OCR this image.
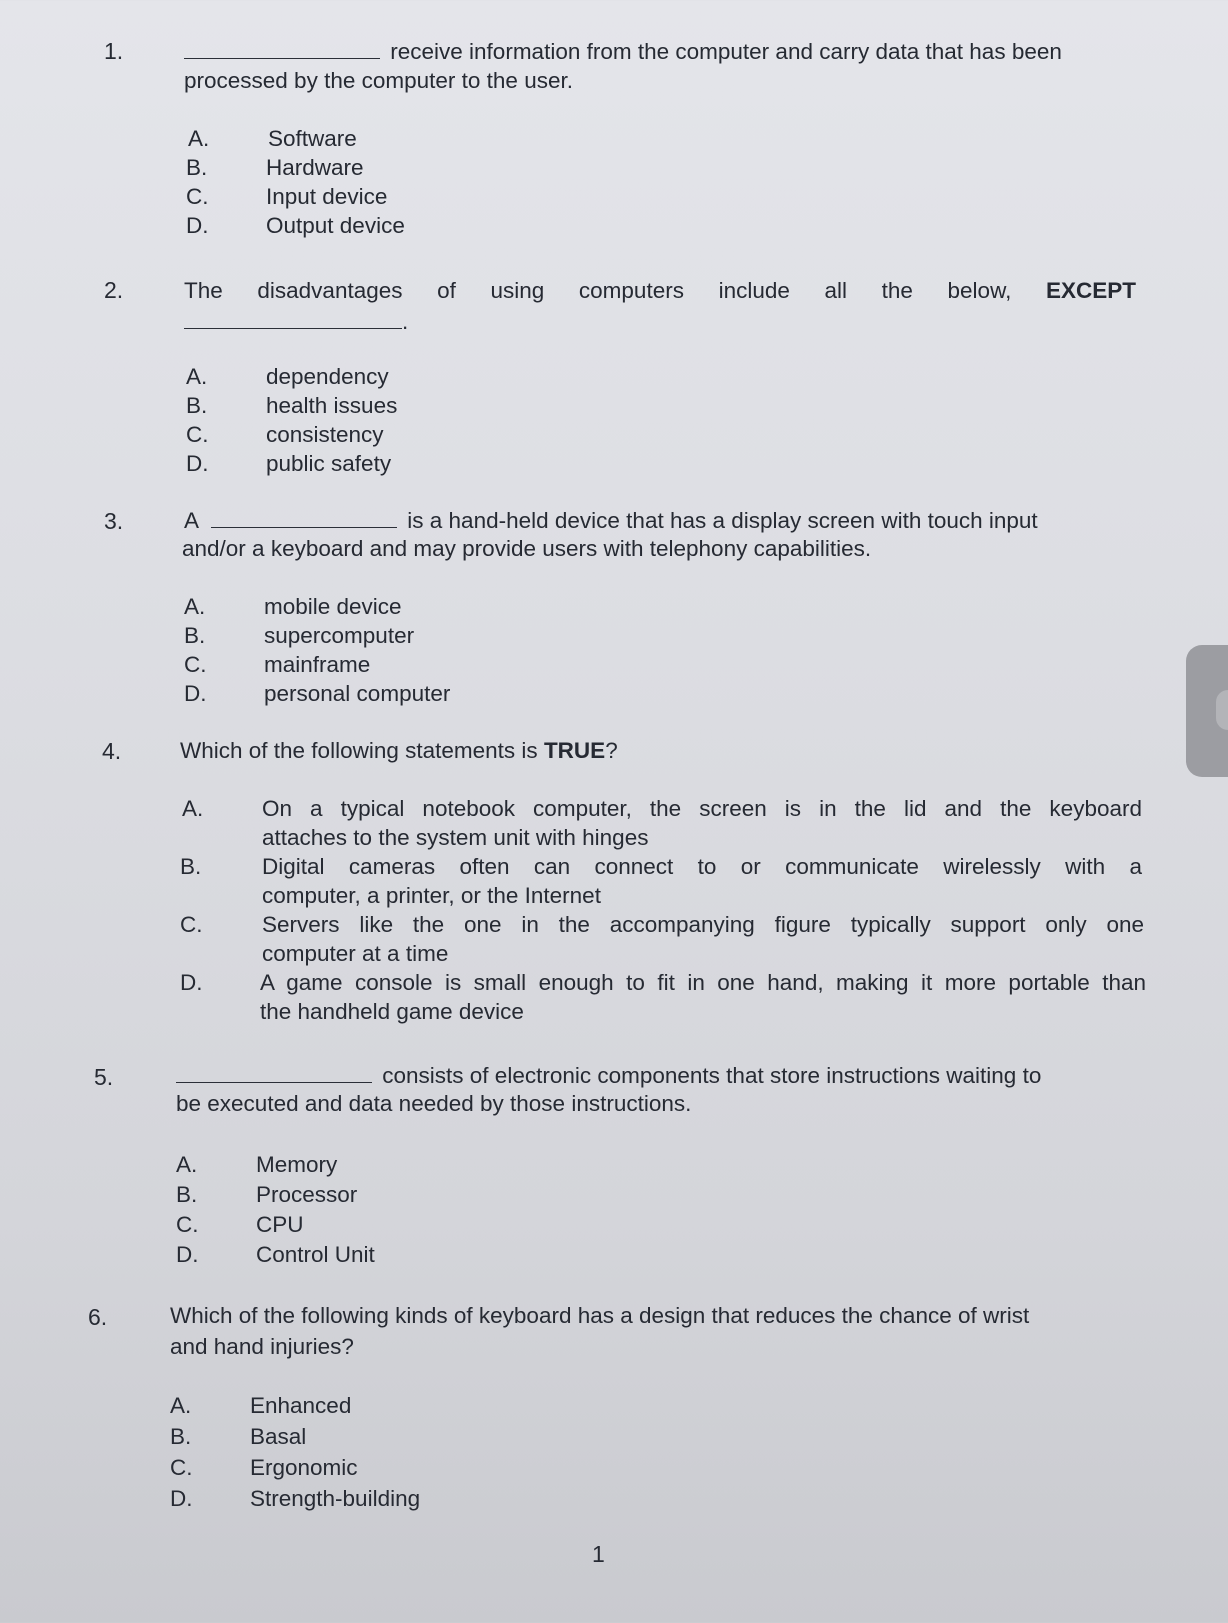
1.	receive information from the computer and carry data that has been
processed by the computer to the user.
A.	Software
B.	Hardware
C.	Input device
D.	Output device
2.	The disadvantages of using computers include all the below, EXCEPT
.
A.	dependency
B.	health issues
C.	consistency
D.	public safety
3.	A	is a hand-held device that has a display screen with touch input
and/or a keyboard and may provide users with telephony capabilities.
A.	mobile device
B.	supercomputer
C.	mainframe
D.	personal computer
4.	Which of the following statements is TRUE?
A.	On a typical notebook computer, the screen is in the lid and the keyboard
attaches to the system unit with hinges
B.	Digital cameras often can connect to or communicate wirelessly with a
computer, a printer, or the Internet
C.	Servers like the one in the accompanying figure typically support only one
computer at a time
D.	A game console is small enough to fit in one hand, making it more portable than
the handheld game device
5.	consists of electronic components that store instructions waiting to
be executed and data needed by those instructions.
A.	Memory
B.	Processor
C.	CPU
D.	Control Unit
6.	Which of the following kinds of keyboard has a design that reduces the chance of wrist
and hand injuries?
A.	Enhanced
B.	Basal
C.	Ergonomic
D.	Strength-building
1
